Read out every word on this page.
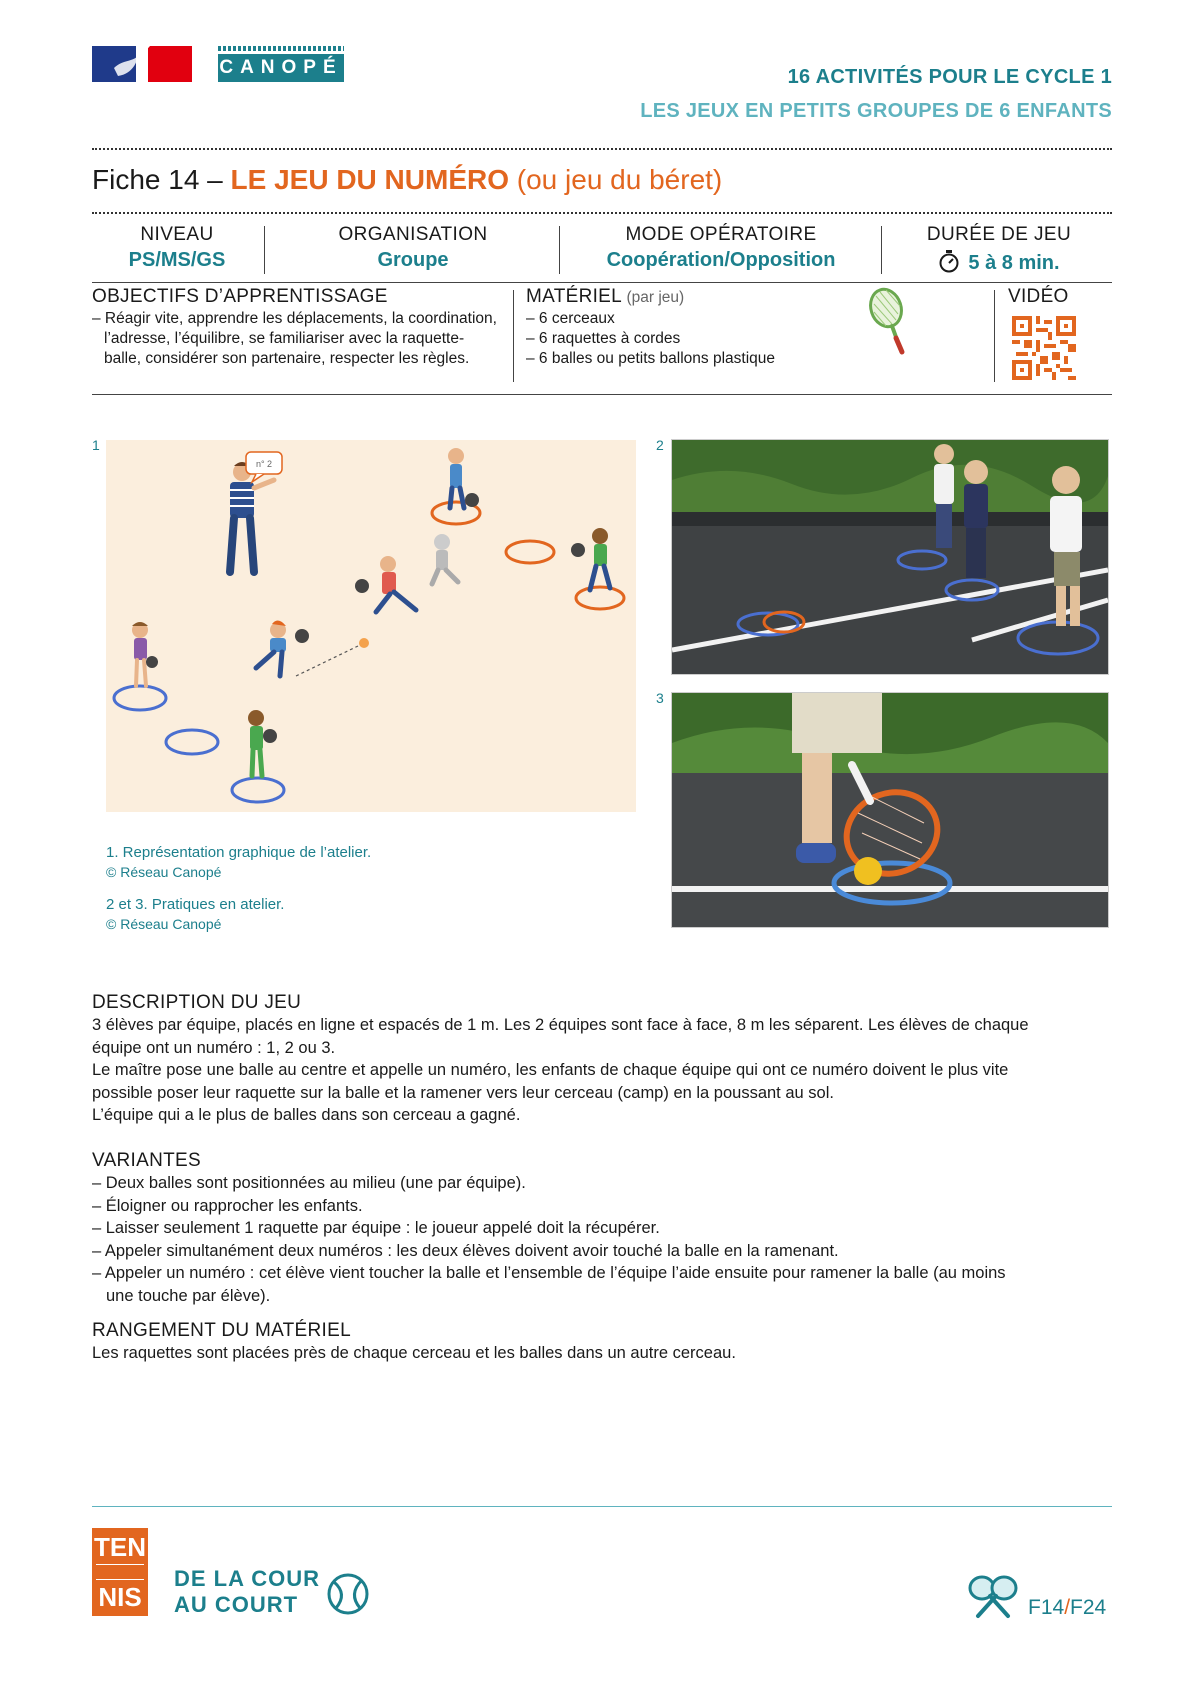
CANOPÉ	16 ACTIVITÉS POUR LE CYCLE 1
LES JEUX EN PETITS GROUPES DE 6 ENFANTS
Fiche 14 – LE JEU DU NUMÉRO (ou jeu du béret)
NIVEAU
PS/MS/GS
ORGANISATION
Groupe
MODE OPÉRATOIRE
Coopération/Opposition
DURÉE DE JEU
5 à 8 min.
OBJECTIFS D’APPRENTISSAGE
– Réagir vite, apprendre les déplacements, la coordination,
l’adresse, l’équilibre, se familiariser avec la raquette-
balle, considérer son partenaire, respecter les règles.
MATÉRIEL (par jeu)
– 6 cerceaux
– 6 raquettes à cordes
– 6 balles ou petits ballons plastique
VIDÉO
1
n° 2
2
3
1. Représentation graphique de l’atelier.
© Réseau Canopé
2 et 3. Pratiques en atelier.
© Réseau Canopé
DESCRIPTION DU JEU
3 élèves par équipe, placés en ligne et espacés de 1 m. Les 2 équipes sont face à face, 8 m les séparent. Les élèves de chaque
équipe ont un numéro : 1, 2 ou 3.
Le maître pose une balle au centre et appelle un numéro, les enfants de chaque équipe qui ont ce numéro doivent le plus vite
possible poser leur raquette sur la balle et la ramener vers leur cerceau (camp) en la poussant au sol.
L’équipe qui a le plus de balles dans son cerceau a gagné.
VARIANTES
– Deux balles sont positionnées au milieu (une par équipe).
– Éloigner ou rapprocher les enfants.
– Laisser seulement 1 raquette par équipe : le joueur appelé doit la récupérer.
– Appeler simultanément deux numéros : les deux élèves doivent avoir touché la balle en la ramenant.
– Appeler un numéro : cet élève vient toucher la balle et l’ensemble de l’équipe l’aide ensuite pour ramener la balle (au moins
une touche par élève).
RANGEMENT DU MATÉRIEL
Les raquettes sont placées près de chaque cerceau et les balles dans un autre cerceau.
TEN
NIS
DE LA COUR
AU COURT	F14/F24
